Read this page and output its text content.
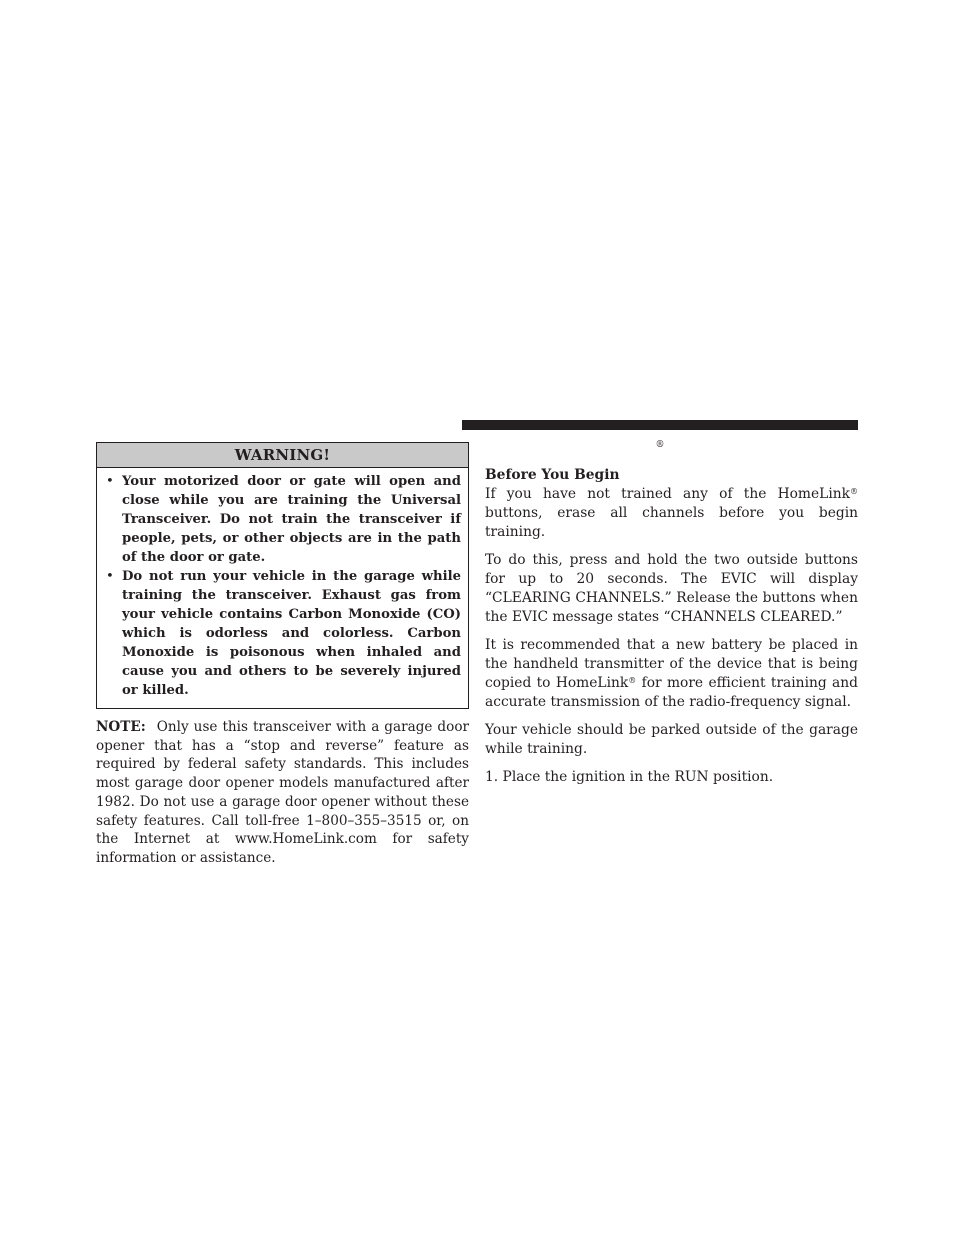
WARNING!
• Your motorized door or gate will open and close while you are training the Universal Transceiver. Do not train the transceiver if people, pets, or other objects are in the path of the door or gate.
• Do not run your vehicle in the garage while training the transceiver. Exhaust gas from your vehicle contains Carbon Monoxide (CO) which is odorless and colorless. Carbon Monoxide is poisonous when inhaled and cause you and others to be severely injured or killed.

NOTE: Only use this transceiver with a garage door opener that has a “stop and reverse” feature as required by federal safety standards. This includes most garage door opener models manufactured after 1982. Do not use a garage door opener without these safety features. Call toll-free 1–800–355–3515 or, on the Internet at www.HomeLink.com for safety information or assistance.

®

Before You Begin

If you have not trained any of the HomeLink® buttons, erase all channels before you begin training.

To do this, press and hold the two outside buttons for up to 20 seconds. The EVIC will display “CLEARING CHANNELS.” Release the buttons when the EVIC message states “CHANNELS CLEARED.”

It is recommended that a new battery be placed in the handheld transmitter of the device that is being copied to HomeLink® for more efficient training and accurate transmission of the radio-frequency signal.

Your vehicle should be parked outside of the garage while training.

1. Place the ignition in the RUN position.
